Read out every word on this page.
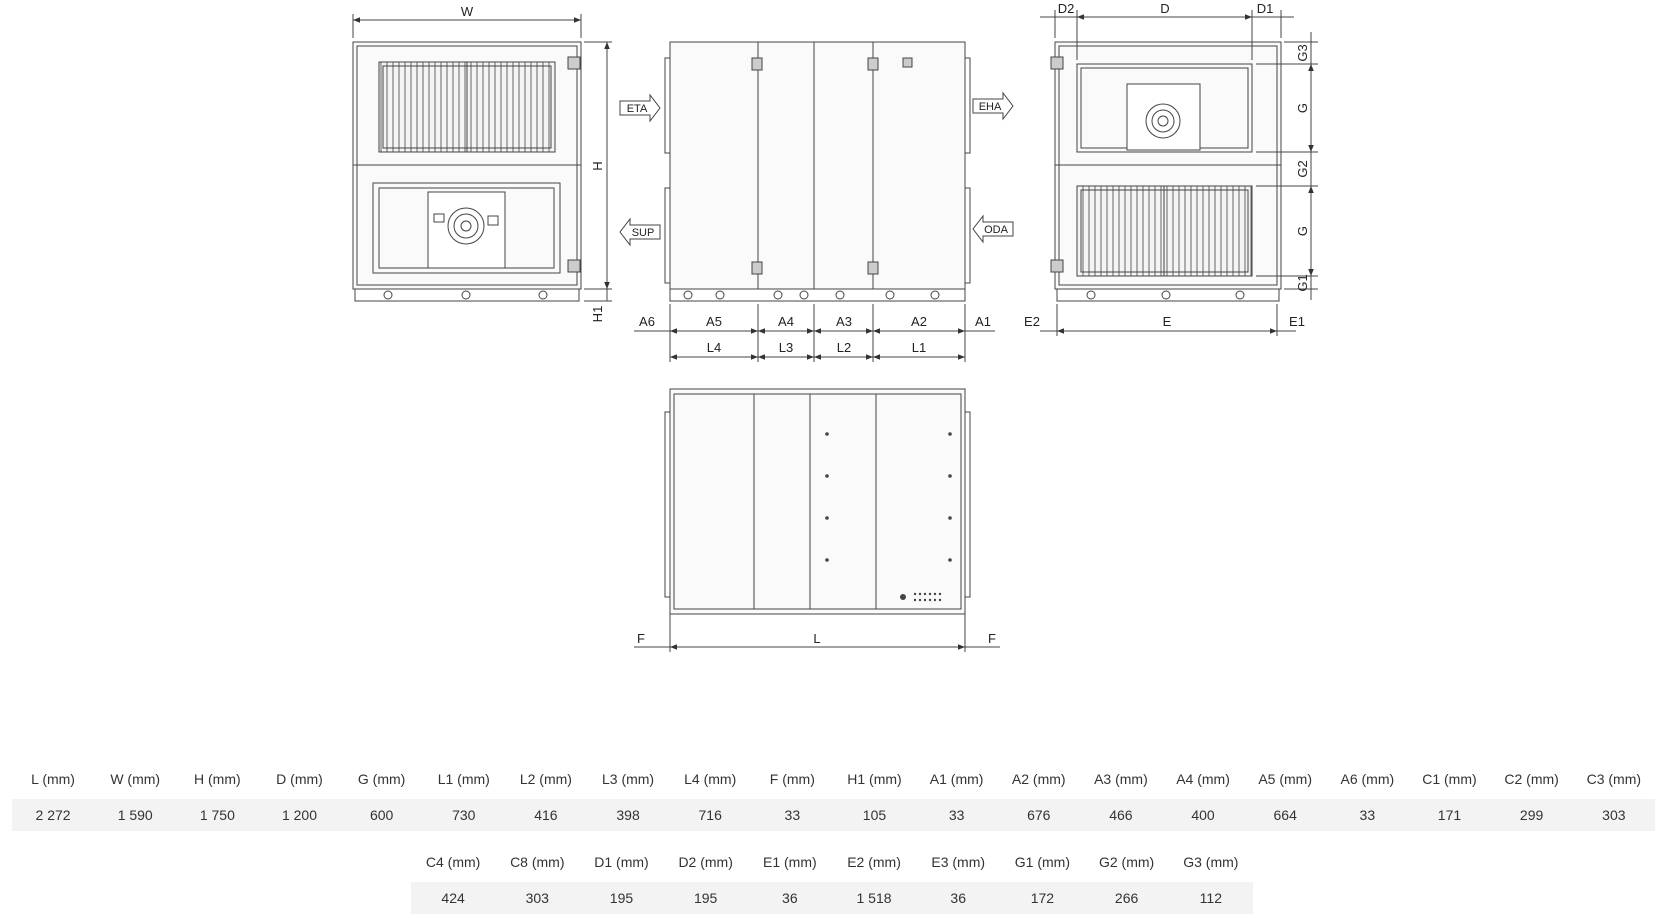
W
H
H1	A6	A5	A4	A3	A2	A1
L4	L3	L2	L1
ETA
SUP
EHA
ODA
D2	D	D1
G3
G
G2
G
G1
E2	E	E1
F	L	F
L (mm)	W (mm)	H (mm)	D (mm)	G (mm)	L1 (mm)	L2 (mm)	L3 (mm)	L4 (mm)	F (mm)	H1 (mm)	A1 (mm)	A2 (mm)	A3 (mm)	A4 (mm)	A5 (mm)	A6 (mm)	C1 (mm)	C2 (mm)	C3 (mm)
2 272	1 590	1 750	1 200	600	730	416	398	716	33	105	33	676	466	400	664	33	171	299	303
C4 (mm)	C8 (mm)	D1 (mm)	D2 (mm)	E1 (mm)	E2 (mm)	E3 (mm)	G1 (mm)	G2 (mm)	G3 (mm)
424	303	195	195	36	1 518	36	172	266	112
